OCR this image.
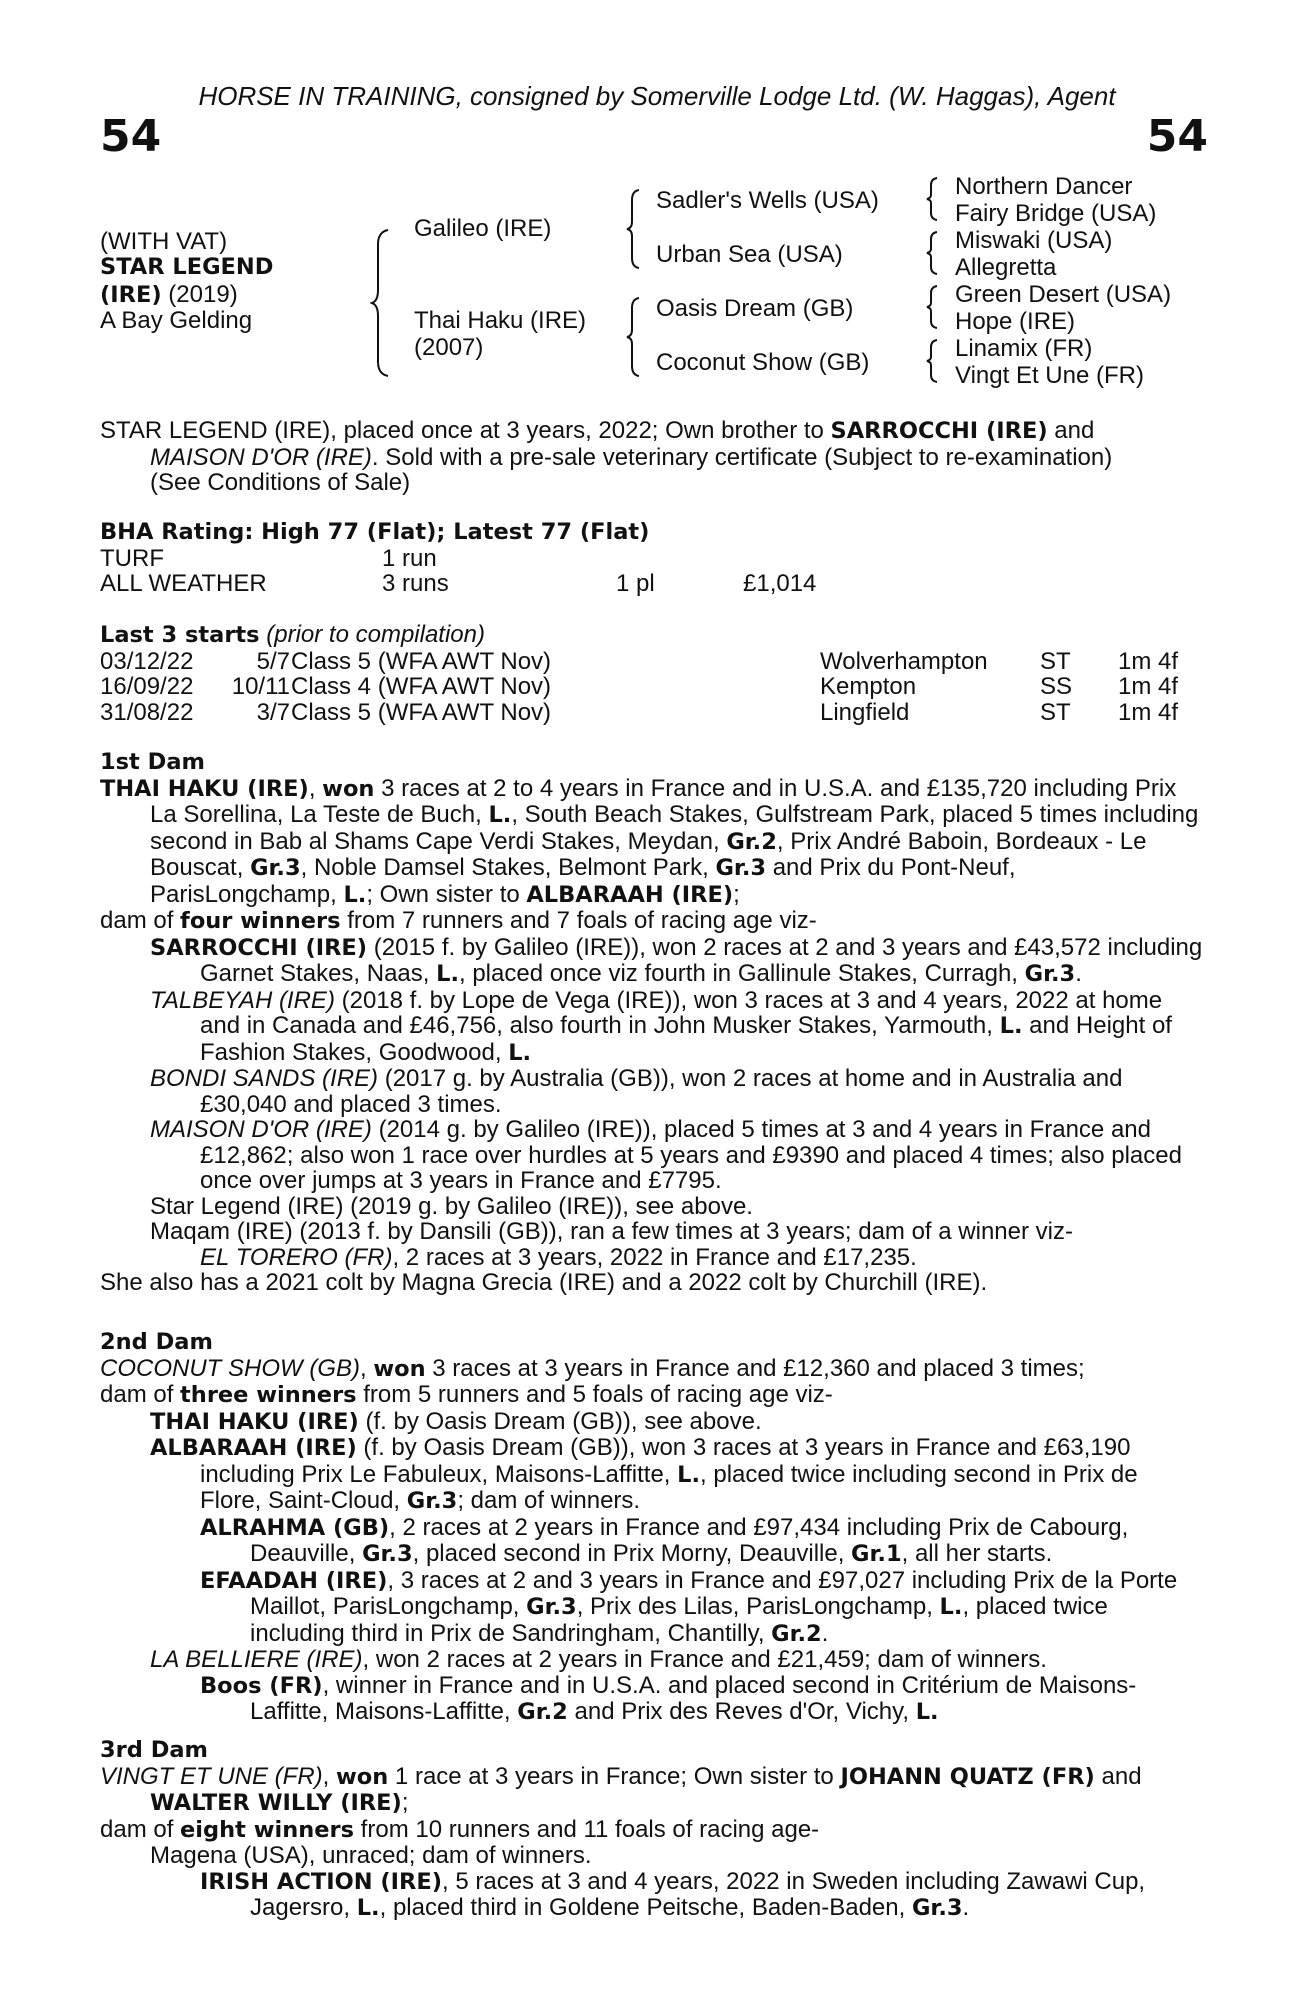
HORSE IN TRAINING, consigned by Somerville Lodge Ltd. (W. Haggas), Agent
54	54
(WITH VAT)
STAR LEGEND
(IRE) (2019)
A Bay Gelding
Galileo (IRE)
Thai Haku (IRE)
(2007)
Sadler's Wells (USA)
Urban Sea (USA)
Oasis Dream (GB)
Coconut Show (GB)
Northern Dancer
Fairy Bridge (USA)
Miswaki (USA)
Allegretta
Green Desert (USA)
Hope (IRE)
Linamix (FR)
Vingt Et Une (FR)
STAR LEGEND (IRE), placed once at 3 years, 2022; Own brother to SARROCCHI (IRE) and
MAISON D'OR (IRE). Sold with a pre-sale veterinary certificate (Subject to re-examination)
(See Conditions of Sale)
BHA Rating: High 77 (Flat); Latest 77 (Flat)
TURF	1 run
ALL WEATHER	3 runs	1 pl	£1,014
Last 3 starts (prior to compilation)
03/12/22	5/7 Class 5 (WFA AWT Nov)	Wolverhampton ST 1m 4f
16/09/22 10/11 Class 4 (WFA AWT Nov)	Kempton	SS 1m 4f
31/08/22	3/7 Class 5 (WFA AWT Nov)	Lingfield	ST 1m 4f
1st Dam
THAI HAKU (IRE), won 3 races at 2 to 4 years in France and in U.S.A. and £135,720 including Prix La Sorellina, La Teste de Buch, L., South Beach Stakes, Gulfstream Park, placed 5 times including second in Bab al Shams Cape Verdi Stakes, Meydan, Gr.2, Prix André Baboin, Bordeaux - Le Bouscat, Gr.3, Noble Damsel Stakes, Belmont Park, Gr.3 and Prix du Pont-Neuf, ParisLongchamp, L.; Own sister to ALBARAAH (IRE);
dam of four winners from 7 runners and 7 foals of racing age viz-
SARROCCHI (IRE) (2015 f. by Galileo (IRE)), won 2 races at 2 and 3 years and £43,572 including Garnet Stakes, Naas, L., placed once viz fourth in Gallinule Stakes, Curragh, Gr.3.
TALBEYAH (IRE) (2018 f. by Lope de Vega (IRE)), won 3 races at 3 and 4 years, 2022 at home and in Canada and £46,756, also fourth in John Musker Stakes, Yarmouth, L. and Height of Fashion Stakes, Goodwood, L.
BONDI SANDS (IRE) (2017 g. by Australia (GB)), won 2 races at home and in Australia and £30,040 and placed 3 times.
MAISON D'OR (IRE) (2014 g. by Galileo (IRE)), placed 5 times at 3 and 4 years in France and £12,862; also won 1 race over hurdles at 5 years and £9390 and placed 4 times; also placed once over jumps at 3 years in France and £7795.
Star Legend (IRE) (2019 g. by Galileo (IRE)), see above.
Maqam (IRE) (2013 f. by Dansili (GB)), ran a few times at 3 years; dam of a winner viz-
EL TORERO (FR), 2 races at 3 years, 2022 in France and £17,235.
She also has a 2021 colt by Magna Grecia (IRE) and a 2022 colt by Churchill (IRE).
2nd Dam
COCONUT SHOW (GB), won 3 races at 3 years in France and £12,360 and placed 3 times;
dam of three winners from 5 runners and 5 foals of racing age viz-
THAI HAKU (IRE) (f. by Oasis Dream (GB)), see above.
ALBARAAH (IRE) (f. by Oasis Dream (GB)), won 3 races at 3 years in France and £63,190 including Prix Le Fabuleux, Maisons-Laffitte, L., placed twice including second in Prix de Flore, Saint-Cloud, Gr.3; dam of winners.
ALRAHMA (GB), 2 races at 2 years in France and £97,434 including Prix de Cabourg, Deauville, Gr.3, placed second in Prix Morny, Deauville, Gr.1, all her starts.
EFAADAH (IRE), 3 races at 2 and 3 years in France and £97,027 including Prix de la Porte Maillot, ParisLongchamp, Gr.3, Prix des Lilas, ParisLongchamp, L., placed twice including third in Prix de Sandringham, Chantilly, Gr.2.
LA BELLIERE (IRE), won 2 races at 2 years in France and £21,459; dam of winners.
Boos (FR), winner in France and in U.S.A. and placed second in Critérium de Maisons-Laffitte, Maisons-Laffitte, Gr.2 and Prix des Reves d'Or, Vichy, L.
3rd Dam
VINGT ET UNE (FR), won 1 race at 3 years in France; Own sister to JOHANN QUATZ (FR) and WALTER WILLY (IRE);
dam of eight winners from 10 runners and 11 foals of racing age-
Magena (USA), unraced; dam of winners.
IRISH ACTION (IRE), 5 races at 3 and 4 years, 2022 in Sweden including Zawawi Cup, Jagersro, L., placed third in Goldene Peitsche, Baden-Baden, Gr.3.
